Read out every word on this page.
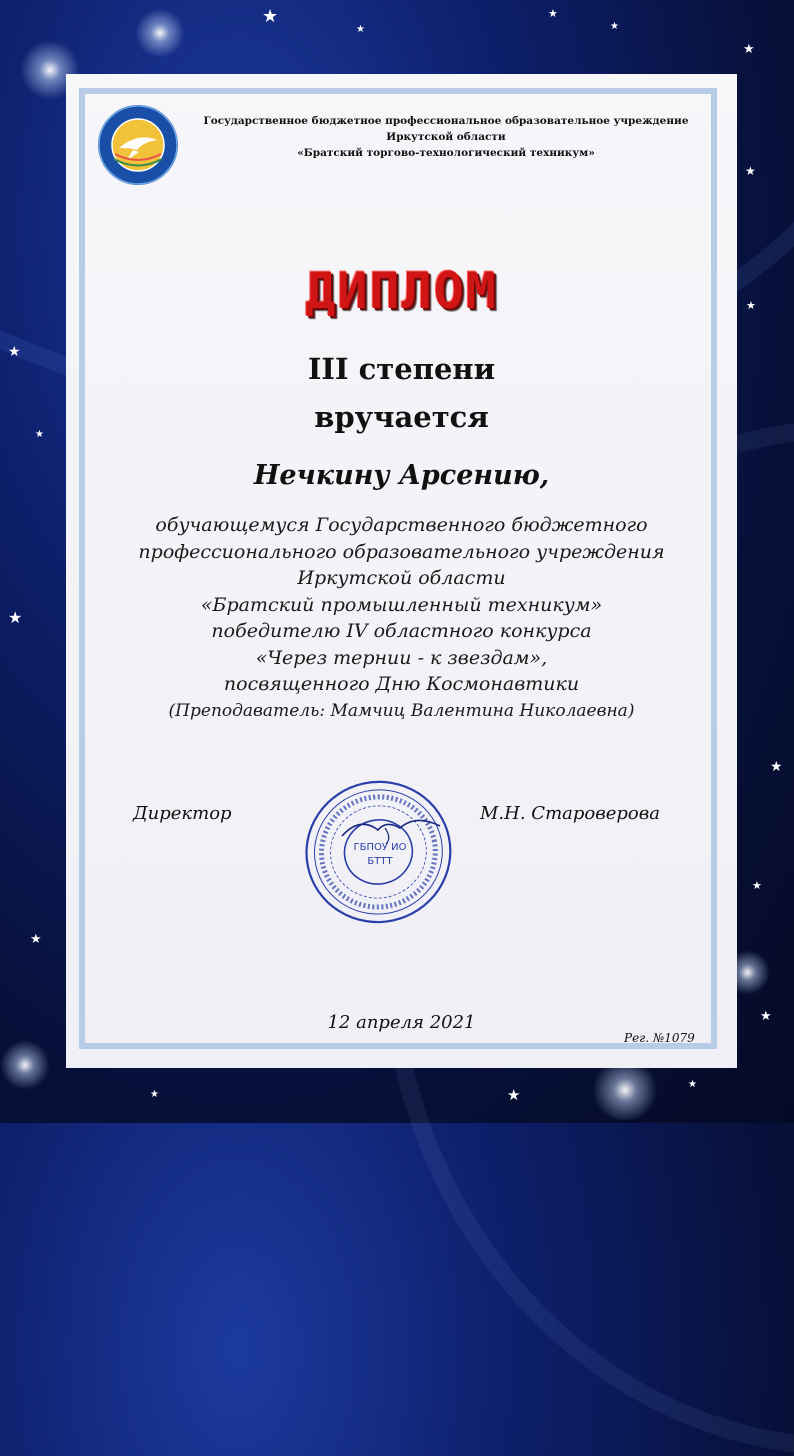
★
★
★
★
★
★
★
★
★
★
★
★
★
★
★
★
★
Государственное бюджетное профессиональное образовательное учреждение
Иркутской области
«Братский торгово-технологический техникум»
ДИПЛОМ
III степени
вручается
Нечкину Арсению,
обучающемуся Государственного бюджетного
профессионального образовательного учреждения
Иркутской области
«Братский промышленный техникум»
победителю IV областного конкурса
«Через тернии - к звездам»,
посвященного Дню Космонавтики
(Преподаватель: Мамчиц Валентина Николаевна)
ГБПОУ ИО
БТТТ
Директор	М.Н. Староверова
12 апреля 2021
Рег. №1079
